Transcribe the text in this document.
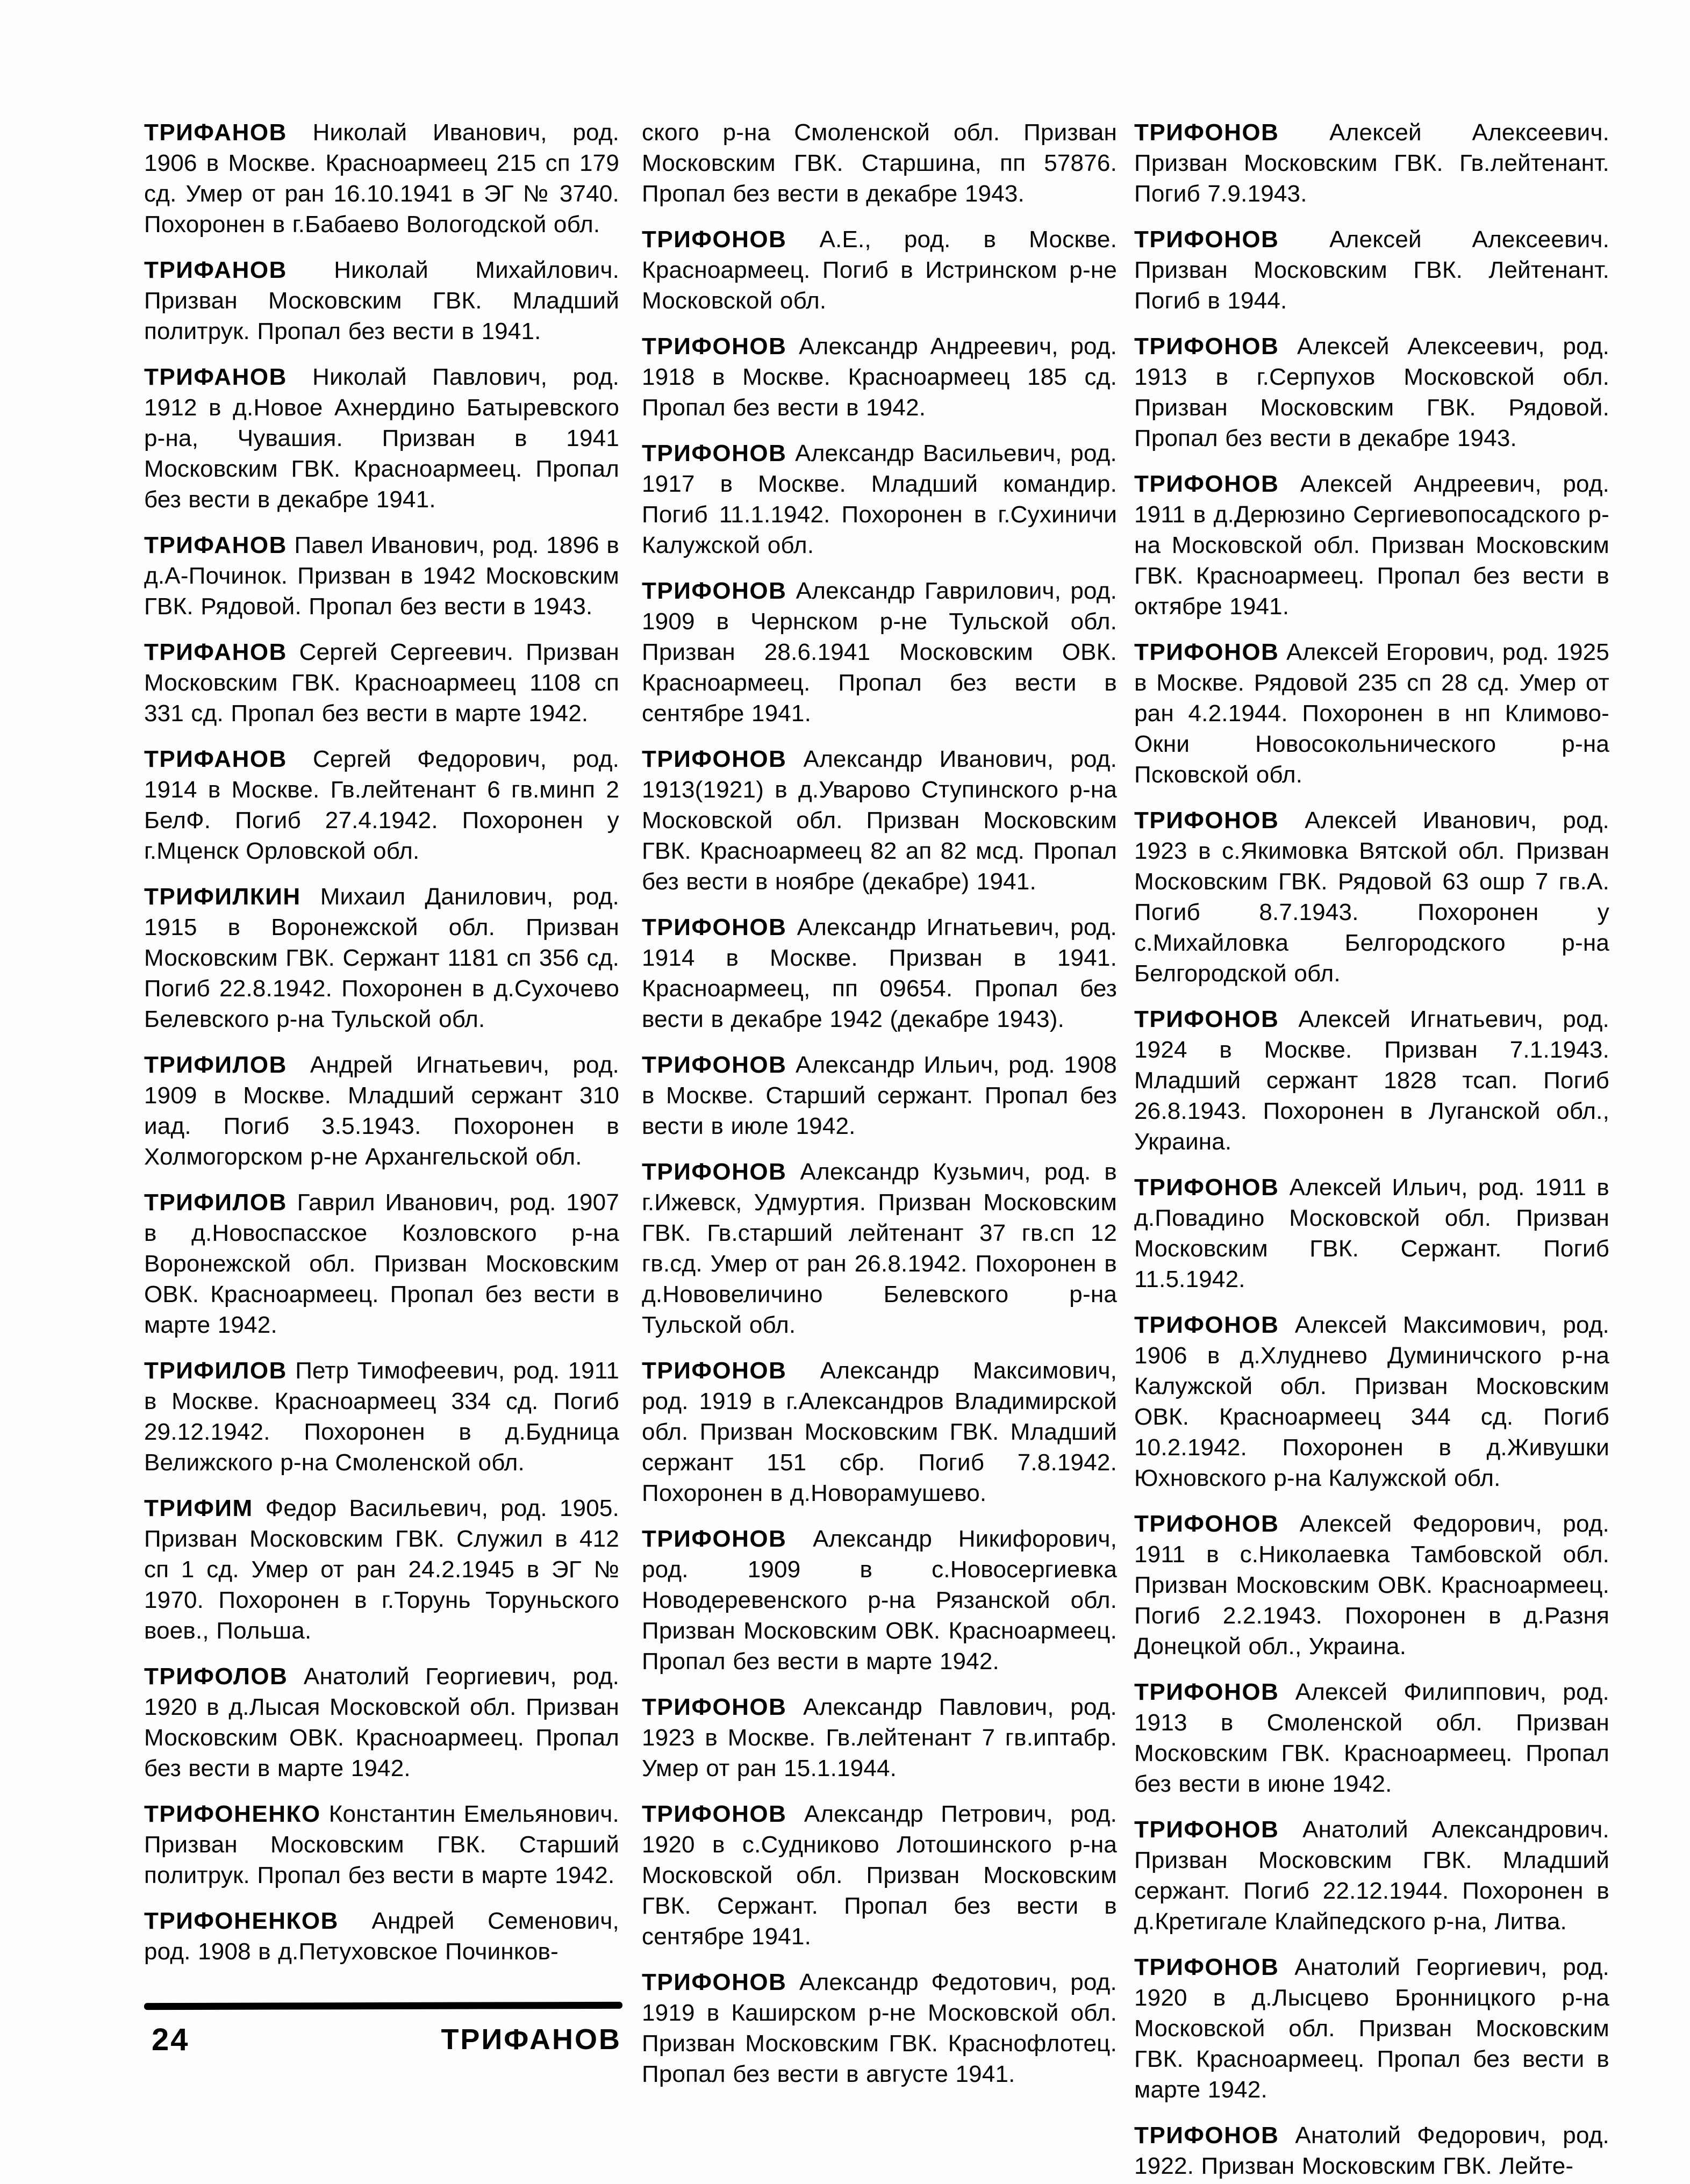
ТРИФАНОВ Николай Иванович, род. 1906 в Москве. Красноармеец 215 сп 179 сд. Умер от ран 16.10.1941 в ЭГ № 3740. Похоронен в г.Бабаево Вологодской обл.

ТРИФАНОВ Николай Михайлович. Призван Московским ГВК. Младший политрук. Пропал без вести в 1941.

ТРИФАНОВ Николай Павлович, род. 1912 в д.Новое Ахнердино Батыревского р-на, Чувашия. Призван в 1941 Московским ГВК. Красноармеец. Пропал без вести в декабре 1941.

ТРИФАНОВ Павел Иванович, род. 1896 в д.А-Починок. Призван в 1942 Московским ГВК. Рядовой. Пропал без вести в 1943.

ТРИФАНОВ Сергей Сергеевич. Призван Московским ГВК. Красноармеец 1108 сп 331 сд. Пропал без вести в марте 1942.

ТРИФАНОВ Сергей Федорович, род. 1914 в Москве. Гв.лейтенант 6 гв.минп 2 БелФ. Погиб 27.4.1942. Похоронен у г.Мценск Орловской обл.

ТРИФИЛКИН Михаил Данилович, род. 1915 в Воронежской обл. Призван Московским ГВК. Сержант 1181 сп 356 сд. Погиб 22.8.1942. Похоронен в д.Сухочево Белевского р-на Тульской обл.

ТРИФИЛОВ Андрей Игнатьевич, род. 1909 в Москве. Младший сержант 310 иад. Погиб 3.5.1943. Похоронен в Холмогорском р-не Архангельской обл.

ТРИФИЛОВ Гаврил Иванович, род. 1907 в д.Новоспасское Козловского р-на Воронежской обл. Призван Московским ОВК. Красноармеец. Пропал без вести в марте 1942.

ТРИФИЛОВ Петр Тимофеевич, род. 1911 в Москве. Красноармеец 334 сд. Погиб 29.12.1942. Похоронен в д.Будница Велижского р-на Смоленской обл.

ТРИФИМ Федор Васильевич, род. 1905. Призван Московским ГВК. Служил в 412 сп 1 сд. Умер от ран 24.2.1945 в ЭГ № 1970. Похоронен в г.Торунь Торуньского воев., Польша.

ТРИФОЛОВ Анатолий Георгиевич, род. 1920 в д.Лысая Московской обл. Призван Московским ОВК. Красноармеец. Пропал без вести в марте 1942.

ТРИФОНЕНКО Константин Емельянович. Призван Московским ГВК. Старший политрук. Пропал без вести в марте 1942.

ТРИФОНЕНКОВ Андрей Семенович, род. 1908 в д.Петуховское Починков-

ского р-на Смоленской обл. Призван Московским ГВК. Старшина, пп 57876. Пропал без вести в декабре 1943.

ТРИФОНОВ А.Е., род. в Москве. Красноармеец. Погиб в Истринском р-не Московской обл.

ТРИФОНОВ Александр Андреевич, род. 1918 в Москве. Красноармеец 185 сд. Пропал без вести в 1942.

ТРИФОНОВ Александр Васильевич, род. 1917 в Москве. Младший командир. Погиб 11.1.1942. Похоронен в г.Сухиничи Калужской обл.

ТРИФОНОВ Александр Гаврилович, род. 1909 в Чернском р-не Тульской обл. Призван 28.6.1941 Московским ОВК. Красноармеец. Пропал без вести в сентябре 1941.

ТРИФОНОВ Александр Иванович, род. 1913(1921) в д.Уварово Ступинского р-на Московской обл. Призван Московским ГВК. Красноармеец 82 ап 82 мсд. Пропал без вести в ноябре (декабре) 1941.

ТРИФОНОВ Александр Игнатьевич, род. 1914 в Москве. Призван в 1941. Красноармеец, пп 09654. Пропал без вести в декабре 1942 (декабре 1943).

ТРИФОНОВ Александр Ильич, род. 1908 в Москве. Старший сержант. Пропал без вести в июле 1942.

ТРИФОНОВ Александр Кузьмич, род. в г.Ижевск, Удмуртия. Призван Московским ГВК. Гв.старший лейтенант 37 гв.сп 12 гв.сд. Умер от ран 26.8.1942. Похоронен в д.Нововеличино Белевского р-на Тульской обл.

ТРИФОНОВ Александр Максимович, род. 1919 в г.Александров Владимирской обл. Призван Московским ГВК. Младший сержант 151 сбр. Погиб 7.8.1942. Похоронен в д.Новорамушево.

ТРИФОНОВ Александр Никифорович, род. 1909 в с.Новосергиевка Новодеревенского р-на Рязанской обл. Призван Московским ОВК. Красноармеец. Пропал без вести в марте 1942.

ТРИФОНОВ Александр Павлович, род. 1923 в Москве. Гв.лейтенант 7 гв.иптабр. Умер от ран 15.1.1944.

ТРИФОНОВ Александр Петрович, род. 1920 в с.Судниково Лотошинского р-на Московской обл. Призван Московским ГВК. Сержант. Пропал без вести в сентябре 1941.

ТРИФОНОВ Александр Федотович, род. 1919 в Каширском р-не Московской обл. Призван Московским ГВК. Краснофлотец. Пропал без вести в августе 1941.

ТРИФОНОВ Алексей Алексеевич. Призван Московским ГВК. Гв.лейтенант. Погиб 7.9.1943.

ТРИФОНОВ Алексей Алексеевич. Призван Московским ГВК. Лейтенант. Погиб в 1944.

ТРИФОНОВ Алексей Алексеевич, род. 1913 в г.Серпухов Московской обл. Призван Московским ГВК. Рядовой. Пропал без вести в декабре 1943.

ТРИФОНОВ Алексей Андреевич, род. 1911 в д.Дерюзино Сергиевопосадского р-на Московской обл. Призван Московским ГВК. Красноармеец. Пропал без вести в октябре 1941.

ТРИФОНОВ Алексей Егорович, род. 1925 в Москве. Рядовой 235 сп 28 сд. Умер от ран 4.2.1944. Похоронен в нп Климово-Окни Новосокольнического р-на Псковской обл.

ТРИФОНОВ Алексей Иванович, род. 1923 в с.Якимовка Вятской обл. Призван Московским ГВК. Рядовой 63 ошр 7 гв.А. Погиб 8.7.1943. Похоронен у с.Михайловка Белгородского р-на Белгородской обл.

ТРИФОНОВ Алексей Игнатьевич, род. 1924 в Москве. Призван 7.1.1943. Младший сержант 1828 тсап. Погиб 26.8.1943. Похоронен в Луганской обл., Украина.

ТРИФОНОВ Алексей Ильич, род. 1911 в д.Повадино Московской обл. Призван Московским ГВК. Сержант. Погиб 11.5.1942.

ТРИФОНОВ Алексей Максимович, род. 1906 в д.Хлуднево Думиничского р-на Калужской обл. Призван Московским ОВК. Красноармеец 344 сд. Погиб 10.2.1942. Похоронен в д.Живушки Юхновского р-на Калужской обл.

ТРИФОНОВ Алексей Федорович, род. 1911 в с.Николаевка Тамбовской обл. Призван Московским ОВК. Красноармеец. Погиб 2.2.1943. Похоронен в д.Разня Донецкой обл., Украина.

ТРИФОНОВ Алексей Филиппович, род. 1913 в Смоленской обл. Призван Московским ГВК. Красноармеец. Пропал без вести в июне 1942.

ТРИФОНОВ Анатолий Александрович. Призван Московским ГВК. Младший сержант. Погиб 22.12.1944. Похоронен в д.Кретигале Клайпедского р-на, Литва.

ТРИФОНОВ Анатолий Георгиевич, род. 1920 в д.Лысцево Бронницкого р-на Московской обл. Призван Московским ГВК. Красноармеец. Пропал без вести в марте 1942.

ТРИФОНОВ Анатолий Федорович, род. 1922. Призван Московским ГВК. Лейте-

24	ТРИФАНОВ
